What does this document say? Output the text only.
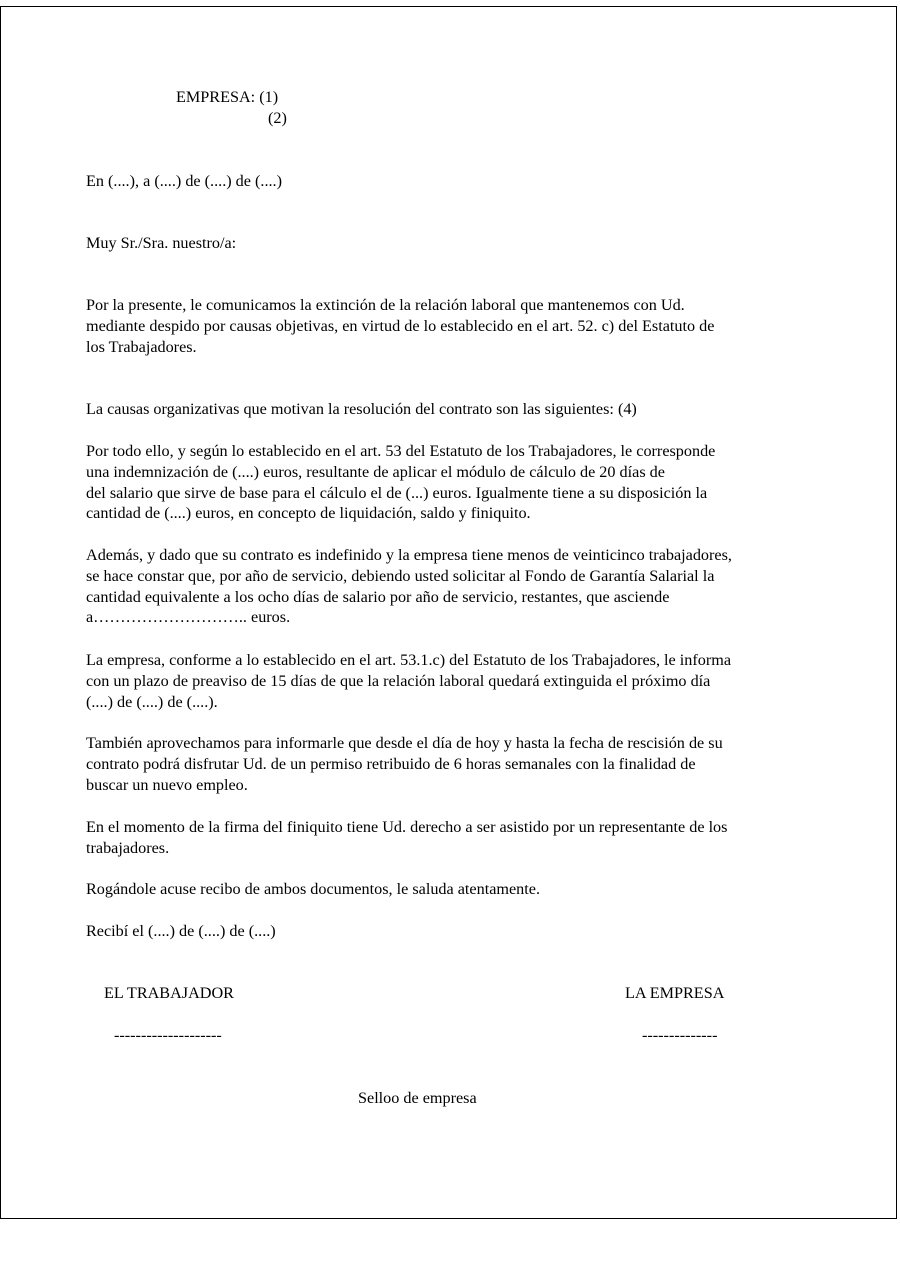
EMPRESA: (1)

(2)

En (....), a (....) de (....) de (....)

Muy Sr./Sra. nuestro/a:

Por la presente, le comunicamos la extinción de la relación laboral que mantenemos con Ud.
mediante despido por causas objetivas, en virtud de lo establecido en el art. 52. c) del Estatuto de
los Trabajadores.
La causas organizativas que motivan la resolución del contrato son las siguientes: (4)
Por todo ello, y según lo establecido en el art. 53 del Estatuto de los Trabajadores, le corresponde
una indemnización de (....) euros, resultante de aplicar el módulo de cálculo de 20 días de
del salario que sirve de base para el cálculo el de (...) euros. Igualmente tiene a su disposición la
cantidad de (....) euros, en concepto de liquidación, saldo y finiquito.
Además, y dado que su contrato es indefinido y la empresa tiene menos de veinticinco trabajadores,
se hace constar que, por año de servicio, debiendo usted solicitar al Fondo de Garantía Salarial la
cantidad equivalente a los ocho días de salario por año de servicio, restantes, que asciende
a……………………….. euros.
La empresa, conforme a lo establecido en el art. 53.1.c) del Estatuto de los Trabajadores, le informa
con un plazo de preaviso de 15 días de que la relación laboral quedará extinguida el próximo día
(....) de (....) de (....).
También aprovechamos para informarle que desde el día de hoy y hasta la fecha de rescisión de su
contrato podrá disfrutar Ud. de un permiso retribuido de 6 horas semanales con la finalidad de
buscar un nuevo empleo.
En el momento de la firma del finiquito tiene Ud. derecho a ser asistido por un representante de los
trabajadores.
Rogándole acuse recibo de ambos documentos, le saluda atentamente.
Recibí el (....) de (....) de (....)

EL TRABAJADOR	LA EMPRESA

--------------------	--------------

Selloo de empresa
